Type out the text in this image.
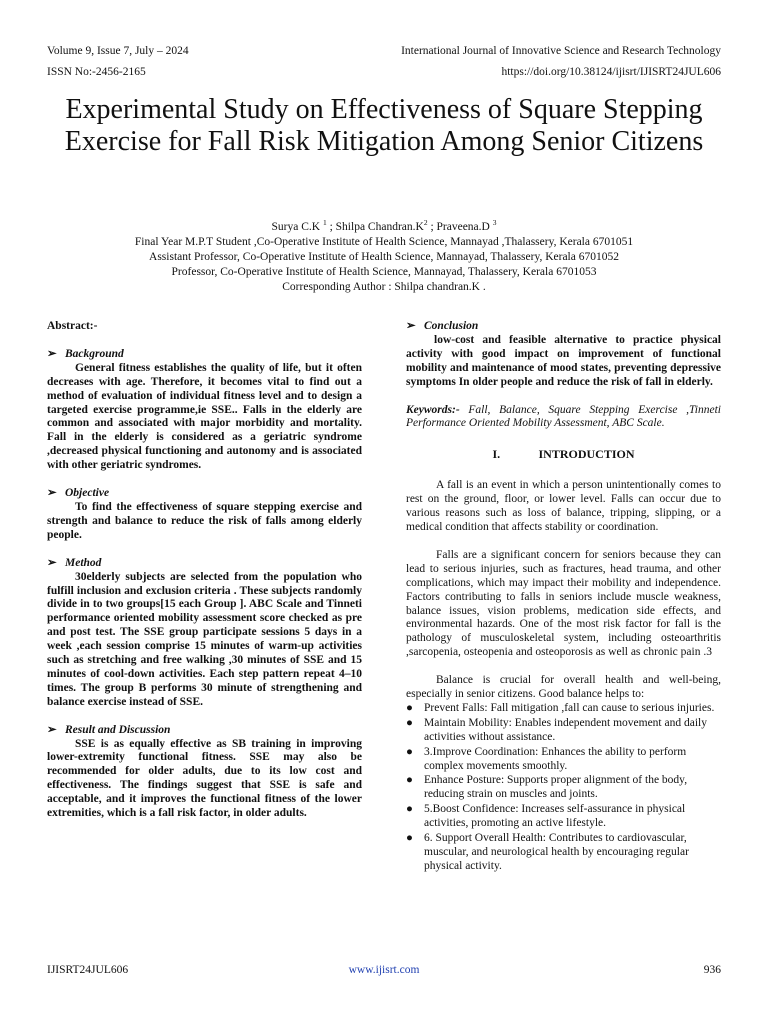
Volume 9, Issue 7, July – 2024
ISSN No:-2456-2165
International Journal of Innovative Science and Research Technology
https://doi.org/10.38124/ijisrt/IJISRT24JUL606
Experimental Study on Effectiveness of Square Stepping Exercise for Fall Risk Mitigation Among Senior Citizens
Surya C.K $^1$ ; Shilpa $Chandran.K^2$ ; Praveena.D $^3$
Final Year M.P.T Student ,Co-Operative Institute of Health Science, Mannayad ,Thalassery, Kerala 6701051
Assistant Professor, Co-Operative Institute of Health Science, Mannayad, Thalassery, Kerala 6701052
Professor, Co-Operative Institute of Health Science, Mannayad, Thalassery, Kerala 6701053
Corresponding Author : Shilpa chandran.K .

Abstract:-

➢ Background

General fitness establishes the quality of life, but it often decreases with age. Therefore, it becomes vital to find out a method of evaluation of individual fitness level and to design a targeted exercise programme,ie SSE.. Falls in the elderly are common and associated with major morbidity and mortality. Fall in the elderly is considered as a geriatric syndrome ,decreased physical functioning and autonomy and is associated with other geriatric syndromes.

➢ Objective

To find the effectiveness of square stepping exercise and strength and balance to reduce the risk of falls among elderly people.

➢ Method

30elderly subjects are selected from the population who fulfill inclusion and exclusion criteria . These subjects randomly divide in to two groups[15 each Group ]. ABC Scale and Tinneti performance oriented mobility assessment score checked as pre and post test. The SSE group participate sessions 5 days in a week ,each session comprise 15 minutes of warm-up activities such as stretching and free walking ,30 minutes of SSE and 15 minutes of cool-down activities. Each step pattern repeat 4–10 times. The group B performs 30 minute of strengthening and balance exercise instead of SSE.

➢ Result and Discussion

SSE is as equally effective as SB training in improving lower-extremity functional fitness. SSE may also be recommended for older adults, due to its low cost and effectiveness. The findings suggest that SSE is safe and acceptable, and it improves the functional fitness of the lower extremities, which is a fall risk factor, in older adults.

➢ Conclusion

low-cost and feasible alternative to practice physical activity with good impact on improvement of functional mobility and maintenance of mood states, preventing depressive symptoms In older people and reduce the risk of fall in elderly.

Keywords:- Fall, Balance, Square Stepping Exercise ,Tinneti Performance Oriented Mobility Assessment, ABC Scale.

I.	INTRODUCTION

A fall is an event in which a person unintentionally comes to rest on the ground, floor, or lower level. Falls can occur due to various reasons such as loss of balance, tripping, slipping, or a medical condition that affects stability or coordination.

Falls are a significant concern for seniors because they can lead to serious injuries, such as fractures, head trauma, and other complications, which may impact their mobility and independence. Factors contributing to falls in seniors include muscle weakness, balance issues, vision problems, medication side effects, and environmental hazards. One of the most risk factor for fall is the pathology of musculoskeletal system, including osteoarthritis ,sarcopenia, osteopenia and osteoporosis as well as chronic pain .3

Balance is crucial for overall health and well-being, especially in senior citizens. Good balance helps to:

● Prevent Falls: Fall mitigation ,fall can cause to serious injuries.
● Maintain Mobility: Enables independent movement and daily activities without assistance.
● 3.Improve Coordination: Enhances the ability to perform complex movements smoothly.
● Enhance Posture: Supports proper alignment of the body, reducing strain on muscles and joints.
● 5.Boost Confidence: Increases self-assurance in physical activities, promoting an active lifestyle.
● 6. Support Overall Health: Contributes to cardiovascular, muscular, and neurological health by encouraging regular physical activity.
IJISRT24JUL606	www.ijisrt.com	936
